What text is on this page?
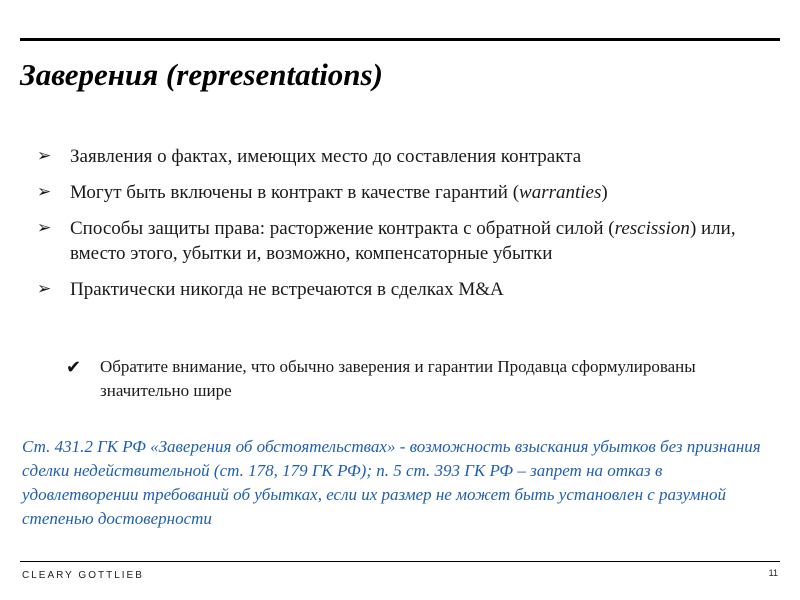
Заверения (representations)
➢ Заявления о фактах, имеющих место до составления контракта
➢ Могут быть включены в контракт в качестве гарантий (warranties)
➢ Способы защиты права: расторжение контракта с обратной силой (rescission) или, вместо этого, убытки и, возможно, компенсаторные убытки
➢ Практически никогда не встречаются в сделках M&A
✔ Обратите внимание, что обычно заверения и гарантии Продавца сформулированы значительно шире

Ст. 431.2 ГК РФ «Заверения об обстоятельствах» - возможность взыскания убытков без признания сделки недействительной (ст. 178, 179 ГК РФ); п. 5 ст. 393 ГК РФ – запрет на отказ в удовлетворении требований об убытках, если их размер не может быть установлен с разумной степенью достоверности

CLEARY GOTTLIEB	11
